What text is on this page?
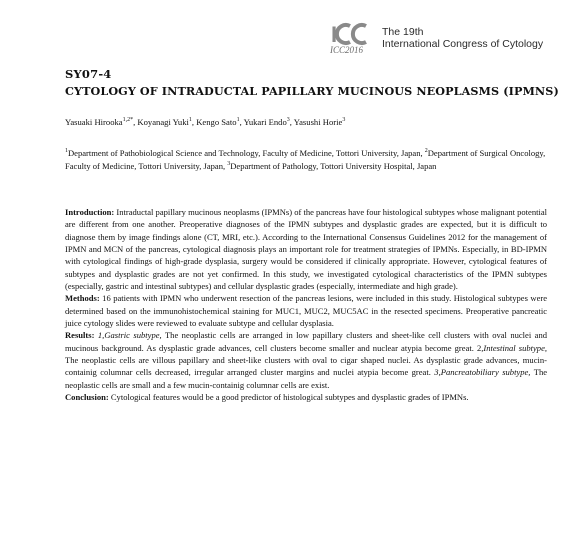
I
ICC2016
The 19th
International Congress of Cytology
SY07-4
CYTOLOGY OF INTRADUCTAL PAPILLARY MUCINOUS NEOPLASMS (IPMNS)
Yasuaki Hirooka$^{1,2*}$, Koyanagi Yuki$^1$, Kengo Sato$^1$, Yukari Endo$^3$, Yasushi Horie$^3$
$^1$Department of Pathobiological Science and Technology, Faculty of Medicine, Tottori University, Japan, $^2$Department of Surgical Oncology, Faculty of Medicine, Tottori University, Japan, $^3$Department of Pathology, Tottori University Hospital, Japan

Introduction: Intraductal papillary mucinous neoplasms (IPMNs) of the pancreas have four histological subtypes whose malignant potential are different from one another. Preoperative diagnoses of the IPMN subtypes and dysplastic grades are expected, but it is difficult to diagnose them by image findings alone (CT, MRI, etc.). According to the International Consensus Guidelines 2012 for the management of IPMN and MCN of the pancreas, cytological diagnosis plays an important role for treatment strategies of IPMNs. Especially, in BD-IPMN with cytological findings of high-grade dysplasia, surgery would be considered if clinically appropriate. However, cytological features of subtypes and dysplastic grades are not yet confirmed. In this study, we investigated cytological characteristics of the IPMN subtypes (especially, gastric and intestinal subtypes) and cellular dysplastic grades (especially, intermediate and high grade).

Methods: 16 patients with IPMN who underwent resection of the pancreas lesions, were included in this study. Histological subtypes were determined based on the immunohistochemical staining for MUC1, MUC2, MUC5AC in the resected specimens. Preoperative pancreatic juice cytology slides were reviewed to evaluate subtype and cellular dysplasia.

Results: 1,Gastric subtype, The neoplastic cells are arranged in low papillary clusters and sheet-like cell clusters with oval nuclei and mucinous background. As dysplastic grade advances, cell clusters become smaller and nuclear atypia become great. 2,Intestinal subtype, The neoplastic cells are villous papillary and sheet-like clusters with oval to cigar shaped nuclei. As dysplastic grade advances, mucin-containig columnar cells decreased, irregular arranged cluster margins and nuclei atypia become great. 3,Pancreatobiliary subtype, The neoplastic cells are small and a few mucin-containig columnar cells are exist.

Conclusion: Cytological features would be a good predictor of histological subtypes and dysplastic grades of IPMNs.
